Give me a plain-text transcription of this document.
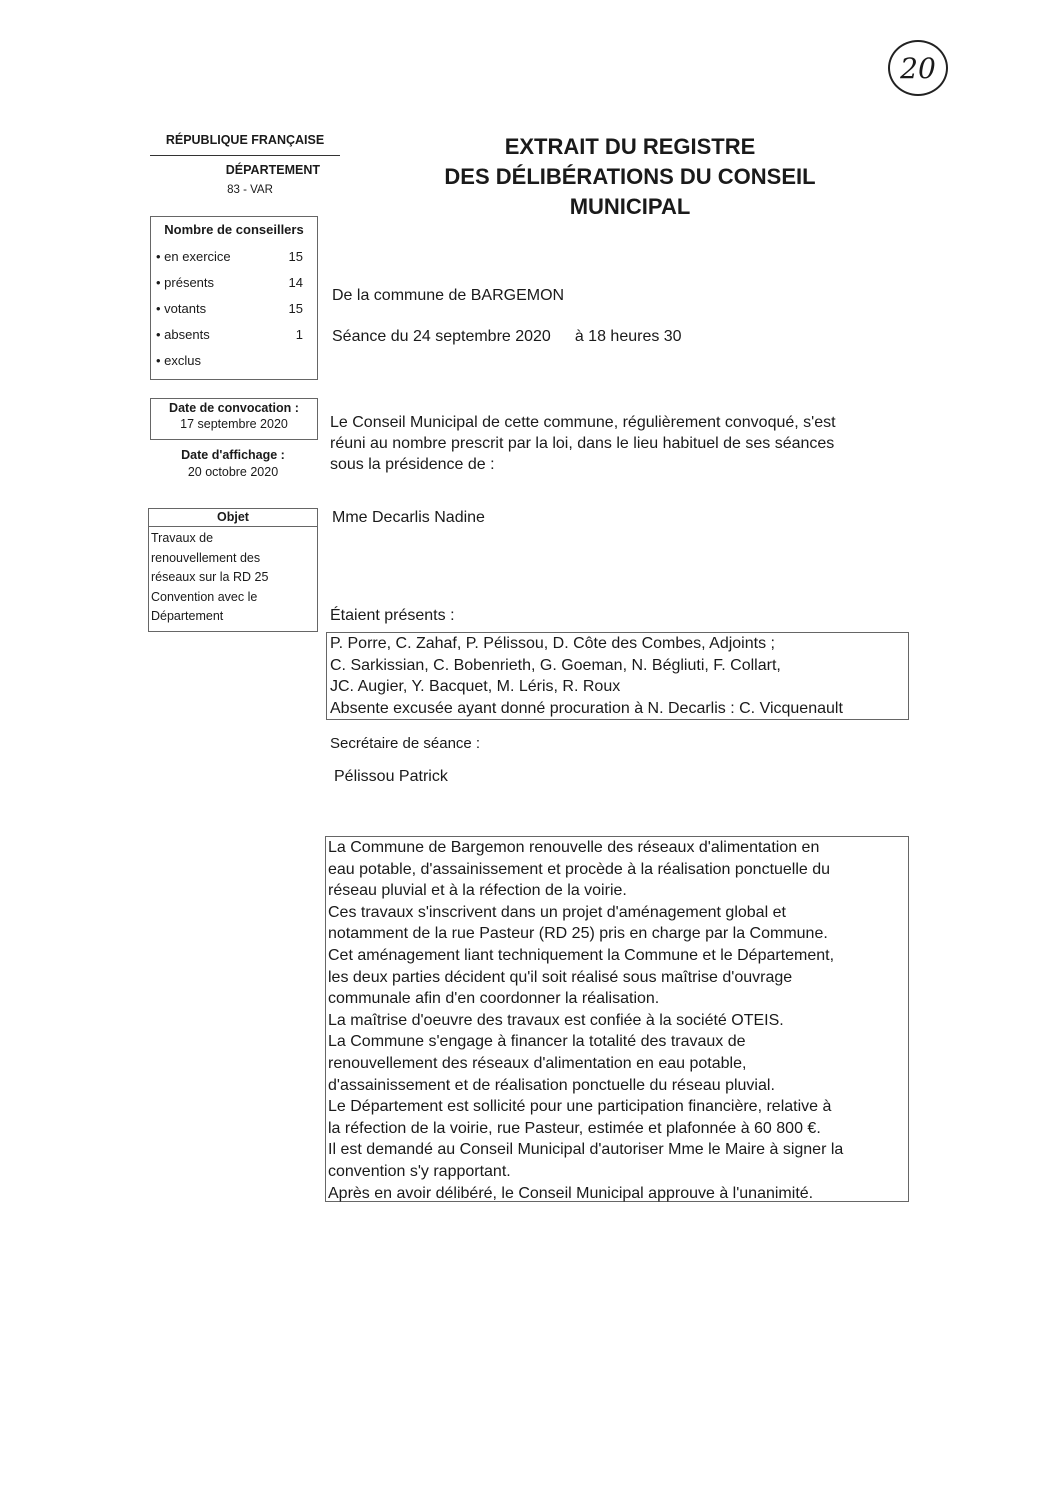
20
RÉPUBLIQUE FRANÇAISE
DÉPARTEMENT
83 - VAR
EXTRAIT DU REGISTRE
DES DÉLIBÉRATIONS DU CONSEIL
MUNICIPAL
Nombre de conseillers
• en exercice	15
• présents	14
• votants	15
• absents	1
• exclus
Date de convocation :
17 septembre 2020
Date d'affichage :
20 octobre 2020
Objet
Travaux de
renouvellement des
réseaux sur la RD 25
Convention avec le
Département
De la commune de BARGEMON
Séance du 24 septembre 2020 à 18 heures 30
Le Conseil Municipal de cette commune, régulièrement convoqué, s'est
réuni au nombre prescrit par la loi, dans le lieu habituel de ses séances
sous la présidence de :
Mme Decarlis Nadine
Étaient présents :
P. Porre, C. Zahaf, P. Pélissou, D. Côte des Combes, Adjoints ;
C. Sarkissian, C. Bobenrieth, G. Goeman, N. Bégliuti, F. Collart,
JC. Augier, Y. Bacquet, M. Léris, R. Roux
Absente excusée ayant donné procuration à N. Decarlis : C. Vicquenault
Secrétaire de séance :
Pélissou Patrick
La Commune de Bargemon renouvelle des réseaux d'alimentation en
eau potable, d'assainissement et procède à la réalisation ponctuelle du
réseau pluvial et à la réfection de la voirie.
Ces travaux s'inscrivent dans un projet d'aménagement global et
notamment de la rue Pasteur (RD 25) pris en charge par la Commune.
Cet aménagement liant techniquement la Commune et le Département,
les deux parties décident qu'il soit réalisé sous maîtrise d'ouvrage
communale afin d'en coordonner la réalisation.
La maîtrise d'oeuvre des travaux est confiée à la société OTEIS.
La Commune s'engage à financer la totalité des travaux de
renouvellement des réseaux d'alimentation en eau potable,
d'assainissement et de réalisation ponctuelle du réseau pluvial.
Le Département est sollicité pour une participation financière, relative à
la réfection de la voirie, rue Pasteur, estimée et plafonnée à 60 800 €.
Il est demandé au Conseil Municipal d'autoriser Mme le Maire à signer la
convention s'y rapportant.
Après en avoir délibéré, le Conseil Municipal approuve à l'unanimité.
